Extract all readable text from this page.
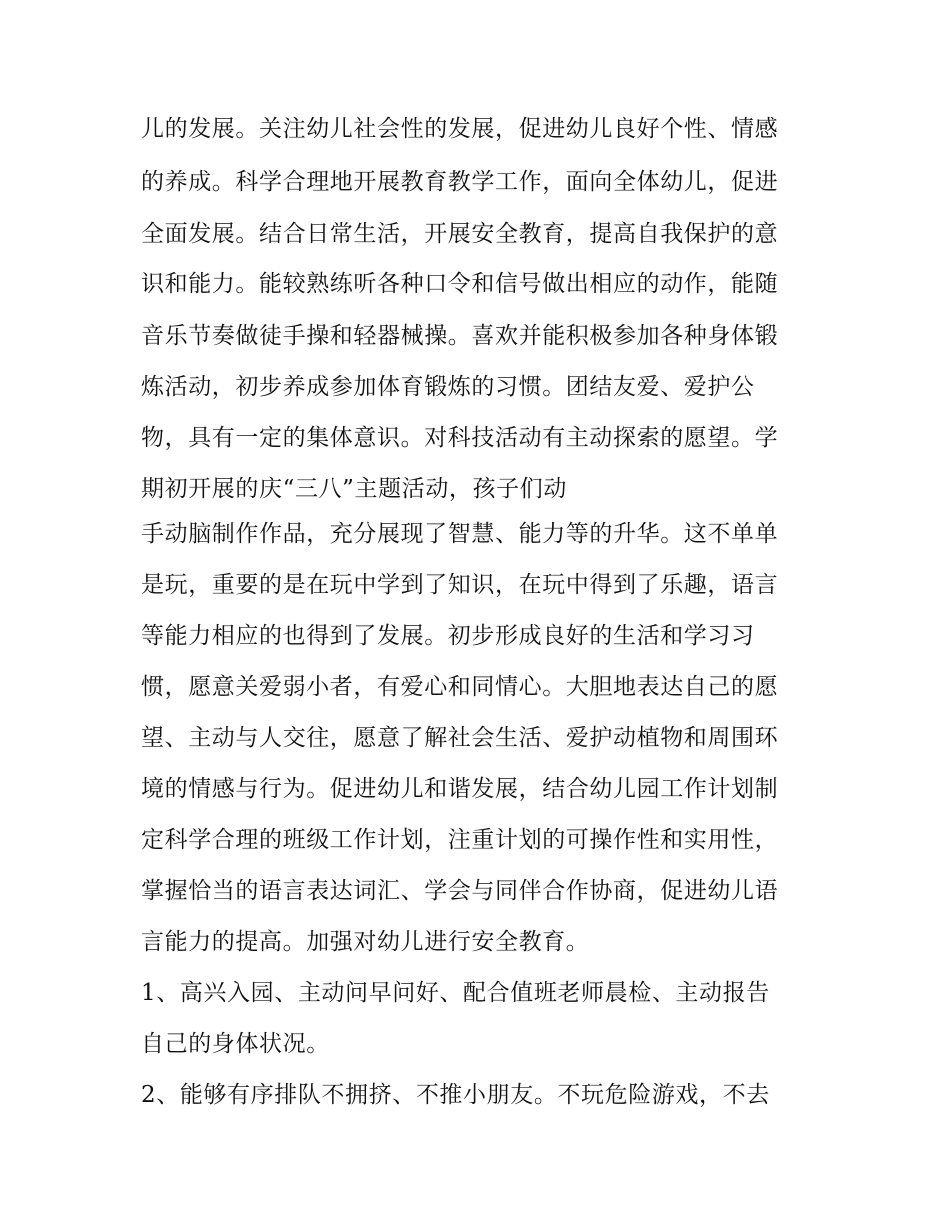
儿的发展。关注幼儿社会性的发展，促进幼儿良好个性、情感
的养成。科学合理地开展教育教学工作，面向全体幼儿，促进
全面发展。结合日常生活，开展安全教育，提高自我保护的意
识和能力。能较熟练听各种口令和信号做出相应的动作，能随
音乐节奏做徒手操和轻器械操。喜欢并能积极参加各种身体锻
炼活动，初步养成参加体育锻炼的习惯。团结友爱、爱护公
物，具有一定的集体意识。对科技活动有主动探索的愿望。学
期初开展的庆“三八”主题活动，孩子们动
手动脑制作作品，充分展现了智慧、能力等的升华。这不单单
是玩，重要的是在玩中学到了知识，在玩中得到了乐趣，语言
等能力相应的也得到了发展。初步形成良好的生活和学习习
惯，愿意关爱弱小者，有爱心和同情心。大胆地表达自己的愿
望、主动与人交往，愿意了解社会生活、爱护动植物和周围环
境的情感与行为。促进幼儿和谐发展，结合幼儿园工作计划制
定科学合理的班级工作计划，注重计划的可操作性和实用性，
掌握恰当的语言表达词汇、学会与同伴合作协商，促进幼儿语
言能力的提高。加强对幼儿进行安全教育。
1、高兴入园、主动问早问好、配合值班老师晨检、主动报告
自己的身体状况。
2、能够有序排队不拥挤、不推小朋友。不玩危险游戏，不去
